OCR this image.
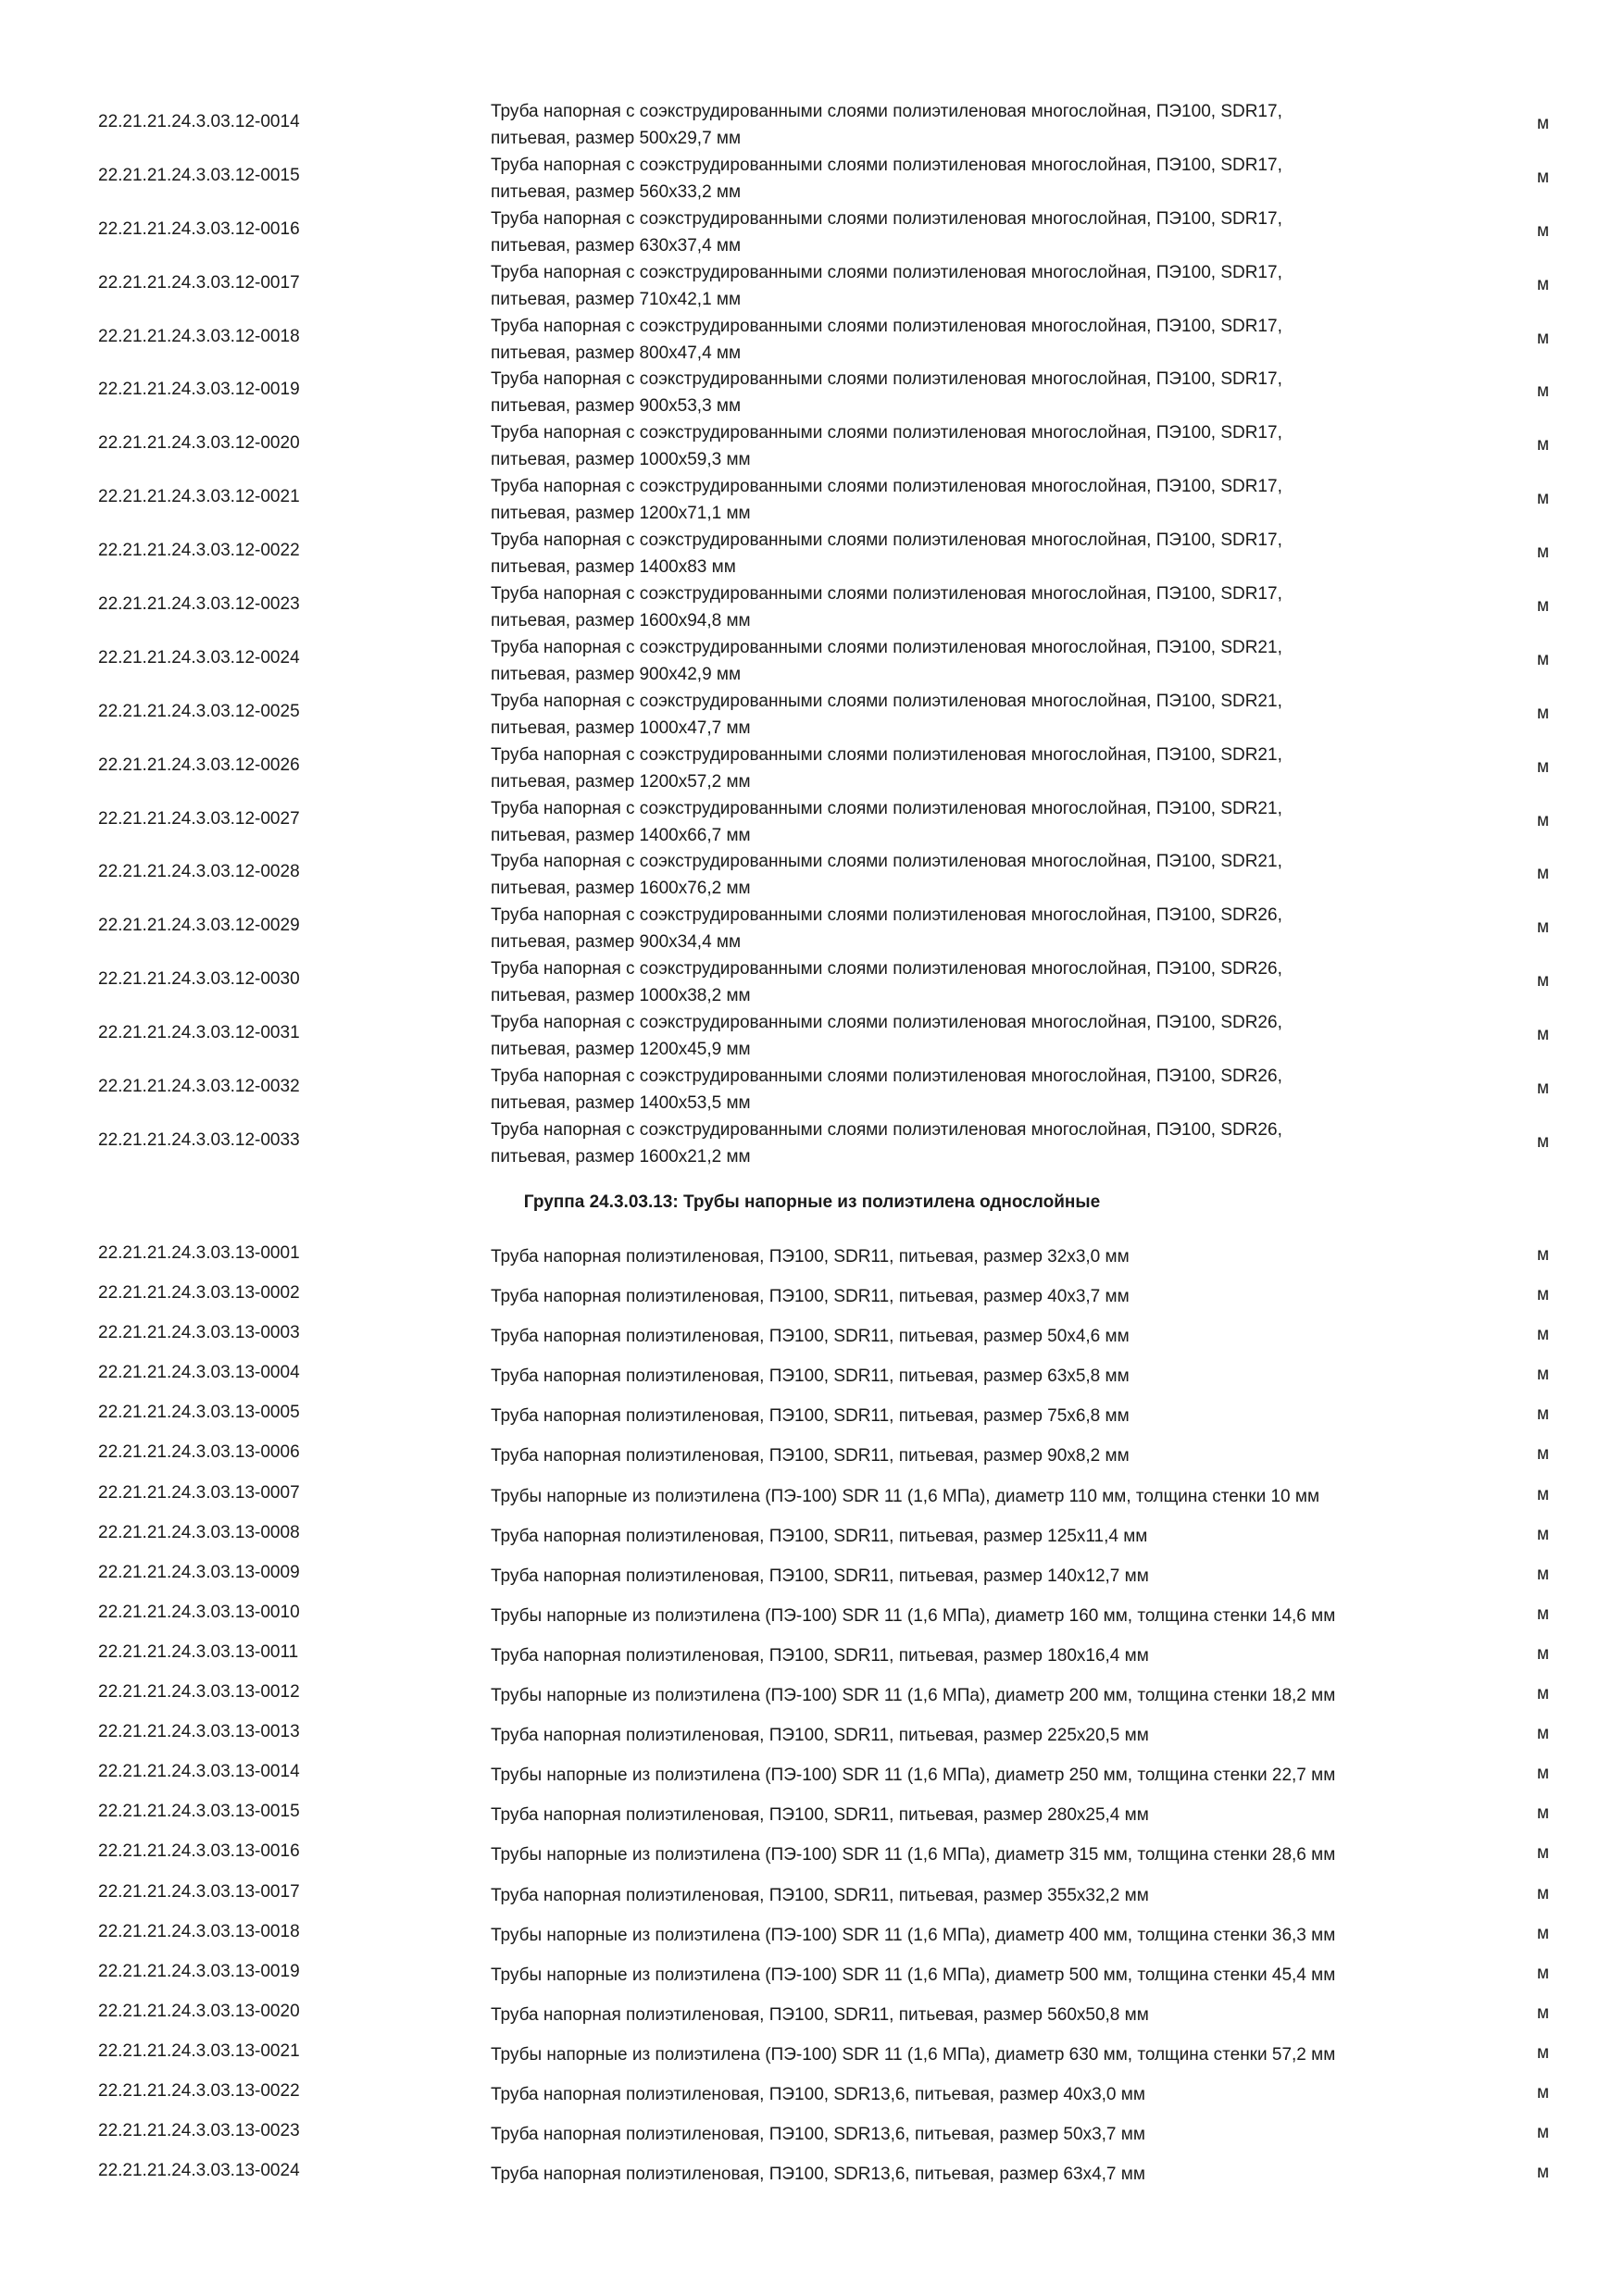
22.21.21.24.3.03.12-0014
Труба напорная с соэкструдированными слоями полиэтиленовая многослойная, ПЭ100, SDR17,
питьевая, размер 500х29,7 мм
м
22.21.21.24.3.03.12-0015
Труба напорная с соэкструдированными слоями полиэтиленовая многослойная, ПЭ100, SDR17,
питьевая, размер 560х33,2 мм
м
22.21.21.24.3.03.12-0016
Труба напорная с соэкструдированными слоями полиэтиленовая многослойная, ПЭ100, SDR17,
питьевая, размер 630х37,4 мм
м
22.21.21.24.3.03.12-0017
Труба напорная с соэкструдированными слоями полиэтиленовая многослойная, ПЭ100, SDR17,
питьевая, размер 710х42,1 мм
м
22.21.21.24.3.03.12-0018
Труба напорная с соэкструдированными слоями полиэтиленовая многослойная, ПЭ100, SDR17,
питьевая, размер 800х47,4 мм
м
22.21.21.24.3.03.12-0019
Труба напорная с соэкструдированными слоями полиэтиленовая многослойная, ПЭ100, SDR17,
питьевая, размер 900х53,3 мм
м
22.21.21.24.3.03.12-0020
Труба напорная с соэкструдированными слоями полиэтиленовая многослойная, ПЭ100, SDR17,
питьевая, размер 1000х59,3 мм
м
22.21.21.24.3.03.12-0021
Труба напорная с соэкструдированными слоями полиэтиленовая многослойная, ПЭ100, SDR17,
питьевая, размер 1200х71,1 мм
м
22.21.21.24.3.03.12-0022
Труба напорная с соэкструдированными слоями полиэтиленовая многослойная, ПЭ100, SDR17,
питьевая, размер 1400х83 мм
м
22.21.21.24.3.03.12-0023
Труба напорная с соэкструдированными слоями полиэтиленовая многослойная, ПЭ100, SDR17,
питьевая, размер 1600х94,8 мм
м
22.21.21.24.3.03.12-0024
Труба напорная с соэкструдированными слоями полиэтиленовая многослойная, ПЭ100, SDR21,
питьевая, размер 900х42,9 мм
м
22.21.21.24.3.03.12-0025
Труба напорная с соэкструдированными слоями полиэтиленовая многослойная, ПЭ100, SDR21,
питьевая, размер 1000х47,7 мм
м
22.21.21.24.3.03.12-0026
Труба напорная с соэкструдированными слоями полиэтиленовая многослойная, ПЭ100, SDR21,
питьевая, размер 1200х57,2 мм
м
22.21.21.24.3.03.12-0027
Труба напорная с соэкструдированными слоями полиэтиленовая многослойная, ПЭ100, SDR21,
питьевая, размер 1400х66,7 мм
м
22.21.21.24.3.03.12-0028
Труба напорная с соэкструдированными слоями полиэтиленовая многослойная, ПЭ100, SDR21,
питьевая, размер 1600х76,2 мм
м
22.21.21.24.3.03.12-0029
Труба напорная с соэкструдированными слоями полиэтиленовая многослойная, ПЭ100, SDR26,
питьевая, размер 900х34,4 мм
м
22.21.21.24.3.03.12-0030
Труба напорная с соэкструдированными слоями полиэтиленовая многослойная, ПЭ100, SDR26,
питьевая, размер 1000х38,2 мм
м
22.21.21.24.3.03.12-0031
Труба напорная с соэкструдированными слоями полиэтиленовая многослойная, ПЭ100, SDR26,
питьевая, размер 1200х45,9 мм
м
22.21.21.24.3.03.12-0032
Труба напорная с соэкструдированными слоями полиэтиленовая многослойная, ПЭ100, SDR26,
питьевая, размер 1400х53,5 мм
м
22.21.21.24.3.03.12-0033
Труба напорная с соэкструдированными слоями полиэтиленовая многослойная, ПЭ100, SDR26,
питьевая, размер 1600х21,2 мм
м
Группа 24.3.03.13: Трубы напорные из полиэтилена однослойные
22.21.21.24.3.03.13-0001	Труба напорная полиэтиленовая, ПЭ100, SDR11, питьевая, размер 32х3,0 мм	м
22.21.21.24.3.03.13-0002	Труба напорная полиэтиленовая, ПЭ100, SDR11, питьевая, размер 40х3,7 мм	м
22.21.21.24.3.03.13-0003	Труба напорная полиэтиленовая, ПЭ100, SDR11, питьевая, размер 50х4,6 мм	м
22.21.21.24.3.03.13-0004	Труба напорная полиэтиленовая, ПЭ100, SDR11, питьевая, размер 63х5,8 мм	м
22.21.21.24.3.03.13-0005	Труба напорная полиэтиленовая, ПЭ100, SDR11, питьевая, размер 75х6,8 мм	м
22.21.21.24.3.03.13-0006	Труба напорная полиэтиленовая, ПЭ100, SDR11, питьевая, размер 90х8,2 мм	м
22.21.21.24.3.03.13-0007	Трубы напорные из полиэтилена (ПЭ-100) SDR 11 (1,6 МПа), диаметр 110 мм, толщина стенки 10 мм	м
22.21.21.24.3.03.13-0008	Труба напорная полиэтиленовая, ПЭ100, SDR11, питьевая, размер 125х11,4 мм	м
22.21.21.24.3.03.13-0009	Труба напорная полиэтиленовая, ПЭ100, SDR11, питьевая, размер 140х12,7 мм	м
22.21.21.24.3.03.13-0010	Трубы напорные из полиэтилена (ПЭ-100) SDR 11 (1,6 МПа), диаметр 160 мм, толщина стенки 14,6 мм	м
22.21.21.24.3.03.13-0011	Труба напорная полиэтиленовая, ПЭ100, SDR11, питьевая, размер 180х16,4 мм	м
22.21.21.24.3.03.13-0012	Трубы напорные из полиэтилена (ПЭ-100) SDR 11 (1,6 МПа), диаметр 200 мм, толщина стенки 18,2 мм	м
22.21.21.24.3.03.13-0013	Труба напорная полиэтиленовая, ПЭ100, SDR11, питьевая, размер 225х20,5 мм	м
22.21.21.24.3.03.13-0014	Трубы напорные из полиэтилена (ПЭ-100) SDR 11 (1,6 МПа), диаметр 250 мм, толщина стенки 22,7 мм	м
22.21.21.24.3.03.13-0015	Труба напорная полиэтиленовая, ПЭ100, SDR11, питьевая, размер 280х25,4 мм	м
22.21.21.24.3.03.13-0016	Трубы напорные из полиэтилена (ПЭ-100) SDR 11 (1,6 МПа), диаметр 315 мм, толщина стенки 28,6 мм	м
22.21.21.24.3.03.13-0017	Труба напорная полиэтиленовая, ПЭ100, SDR11, питьевая, размер 355х32,2 мм	м
22.21.21.24.3.03.13-0018	Трубы напорные из полиэтилена (ПЭ-100) SDR 11 (1,6 МПа), диаметр 400 мм, толщина стенки 36,3 мм	м
22.21.21.24.3.03.13-0019	Трубы напорные из полиэтилена (ПЭ-100) SDR 11 (1,6 МПа), диаметр 500 мм, толщина стенки 45,4 мм	м
22.21.21.24.3.03.13-0020	Труба напорная полиэтиленовая, ПЭ100, SDR11, питьевая, размер 560х50,8 мм	м
22.21.21.24.3.03.13-0021	Трубы напорные из полиэтилена (ПЭ-100) SDR 11 (1,6 МПа), диаметр 630 мм, толщина стенки 57,2 мм	м
22.21.21.24.3.03.13-0022	Труба напорная полиэтиленовая, ПЭ100, SDR13,6, питьевая, размер 40х3,0 мм	м
22.21.21.24.3.03.13-0023	Труба напорная полиэтиленовая, ПЭ100, SDR13,6, питьевая, размер 50х3,7 мм	м
22.21.21.24.3.03.13-0024	Труба напорная полиэтиленовая, ПЭ100, SDR13,6, питьевая, размер 63х4,7 мм	м
